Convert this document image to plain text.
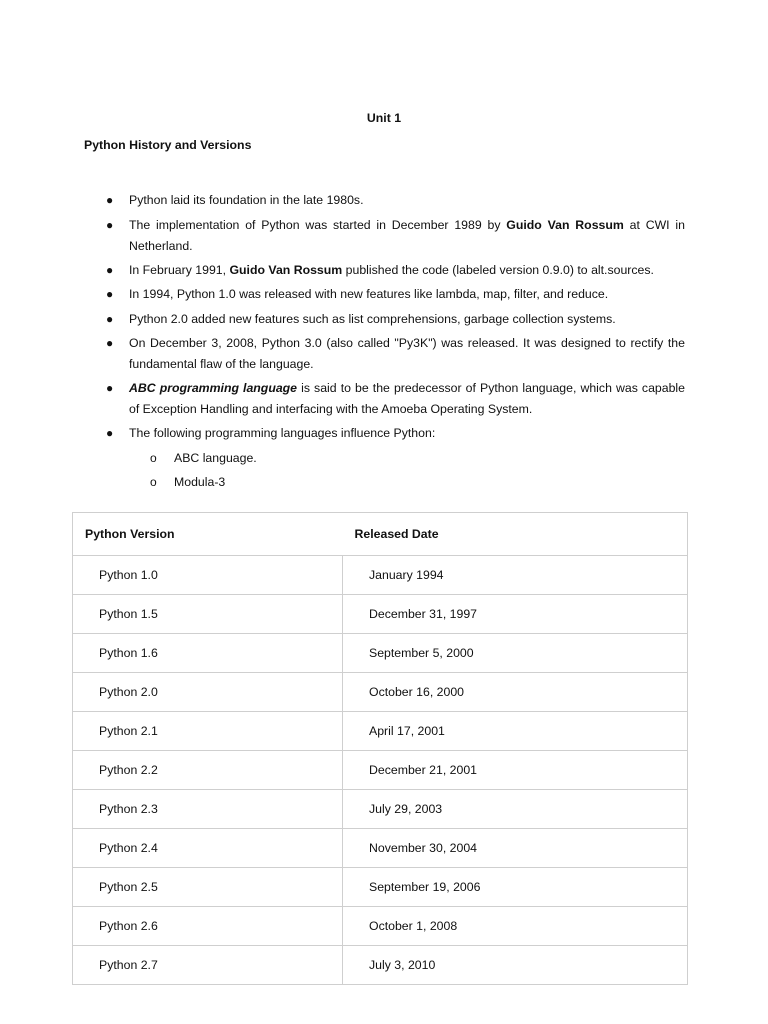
Unit 1
Python History and Versions
● Python laid its foundation in the late 1980s.
● The implementation of Python was started in December 1989 by Guido Van Rossum at CWI in Netherland.
● In February 1991, Guido Van Rossum published the code (labeled version 0.9.0) to alt.sources.
● In 1994, Python 1.0 was released with new features like lambda, map, filter, and reduce.
● Python 2.0 added new features such as list comprehensions, garbage collection systems.
● On December 3, 2008, Python 3.0 (also called "Py3K") was released. It was designed to rectify the fundamental flaw of the language.
● ABC programming language is said to be the predecessor of Python language, which was capable of Exception Handling and interfacing with the Amoeba Operating System.
● The following programming languages influence Python:
o ABC language.
o Modula-3
Python Version	Released Date
Python 1.0	January 1994
Python 1.5	December 31, 1997
Python 1.6	September 5, 2000
Python 2.0	October 16, 2000
Python 2.1	April 17, 2001
Python 2.2	December 21, 2001
Python 2.3	July 29, 2003
Python 2.4	November 30, 2004
Python 2.5	September 19, 2006
Python 2.6	October 1, 2008
Python 2.7	July 3, 2010
